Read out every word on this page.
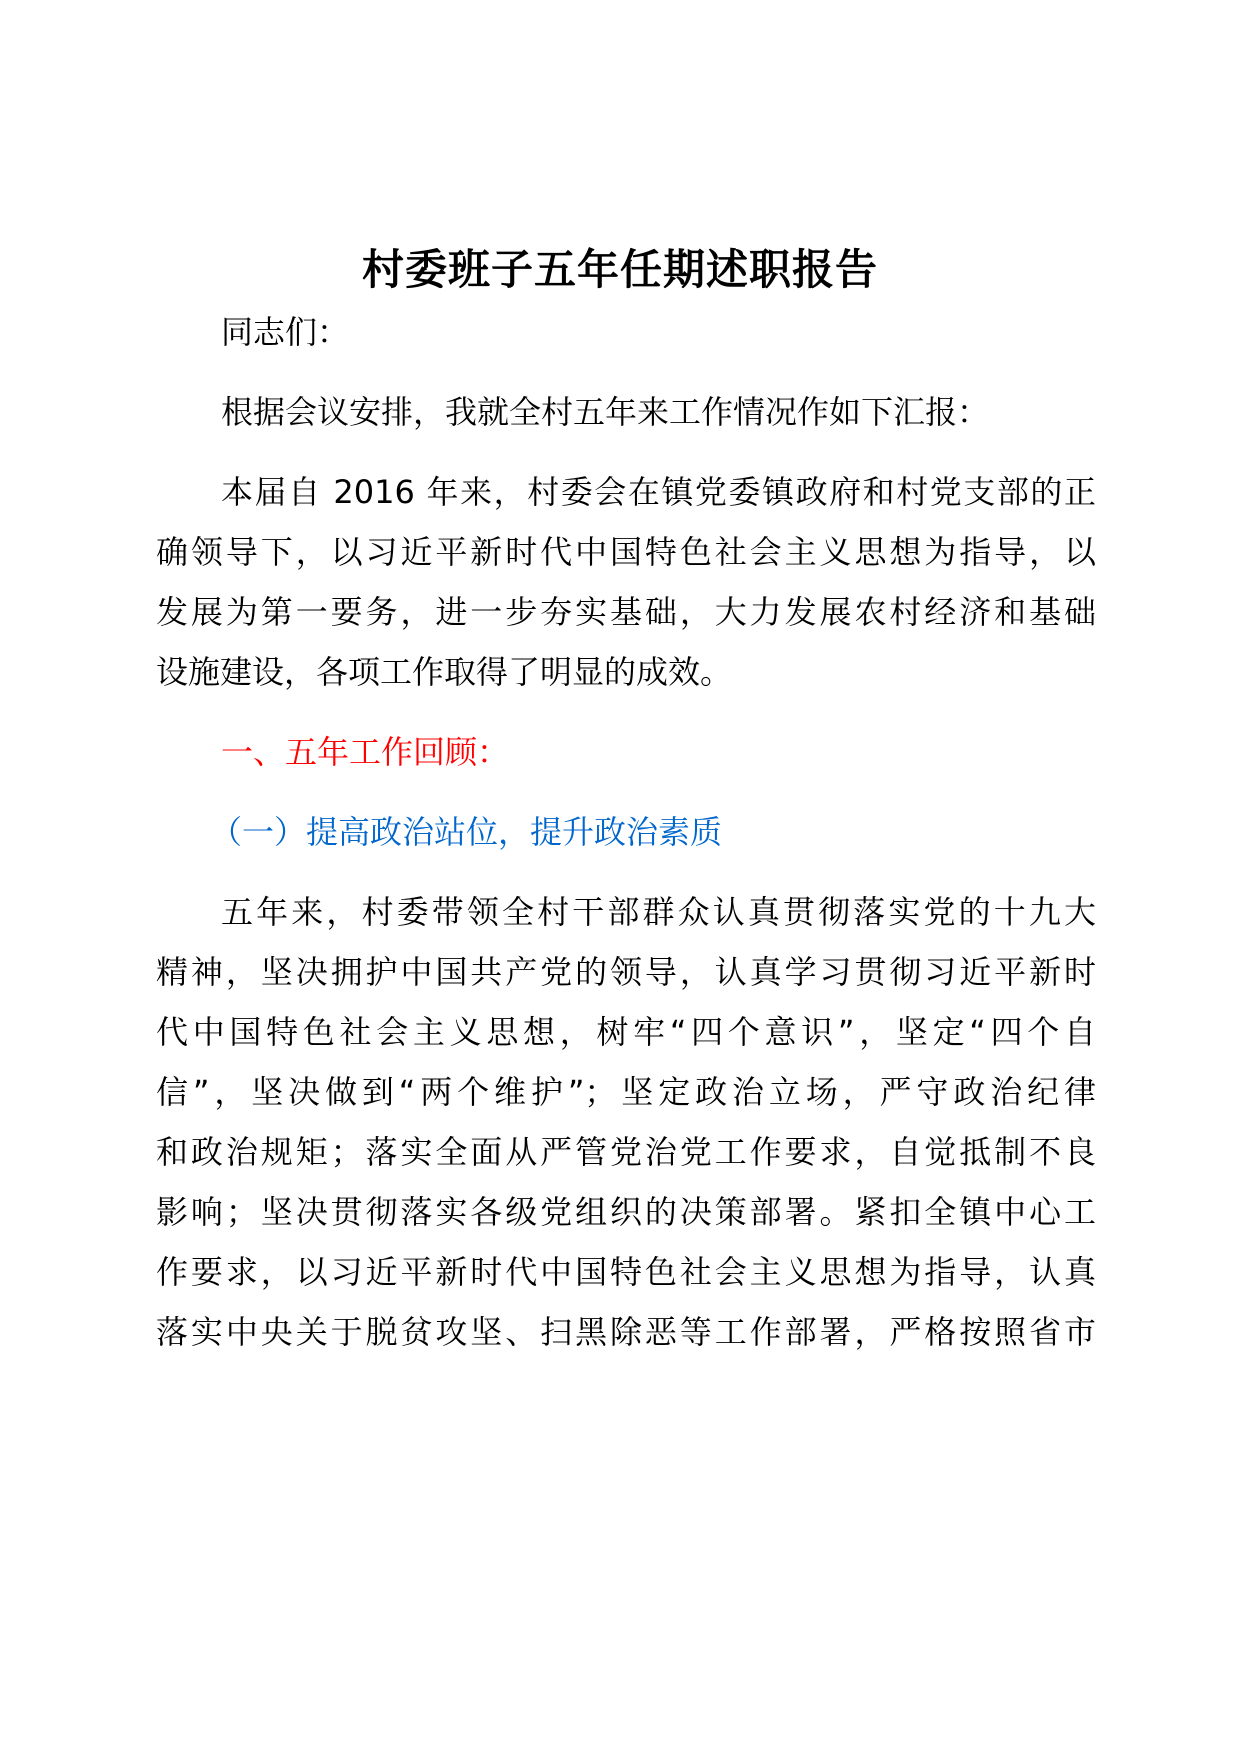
村委班子五年任期述职报告
同志们：
根据会议安排，我就全村五年来工作情况作如下汇报：
本届自 2016 年来，村委会在镇党委镇政府和村党支部的正
确领导下，以习近平新时代中国特色社会主义思想为指导，以
发展为第一要务，进一步夯实基础，大力发展农村经济和基础
设施建设，各项工作取得了明显的成效。
一、五年工作回顾：
（一）提高政治站位，提升政治素质
五年来，村委带领全村干部群众认真贯彻落实党的十九大
精神，坚决拥护中国共产党的领导，认真学习贯彻习近平新时
代中国特色社会主义思想，树牢“四个意识”，坚定“四个自
信”，坚决做到“两个维护”；坚定政治立场，严守政治纪律
和政治规矩；落实全面从严管党治党工作要求，自觉抵制不良
影响；坚决贯彻落实各级党组织的决策部署。紧扣全镇中心工
作要求，以习近平新时代中国特色社会主义思想为指导，认真
落实中央关于脱贫攻坚、扫黑除恶等工作部署，严格按照省市
